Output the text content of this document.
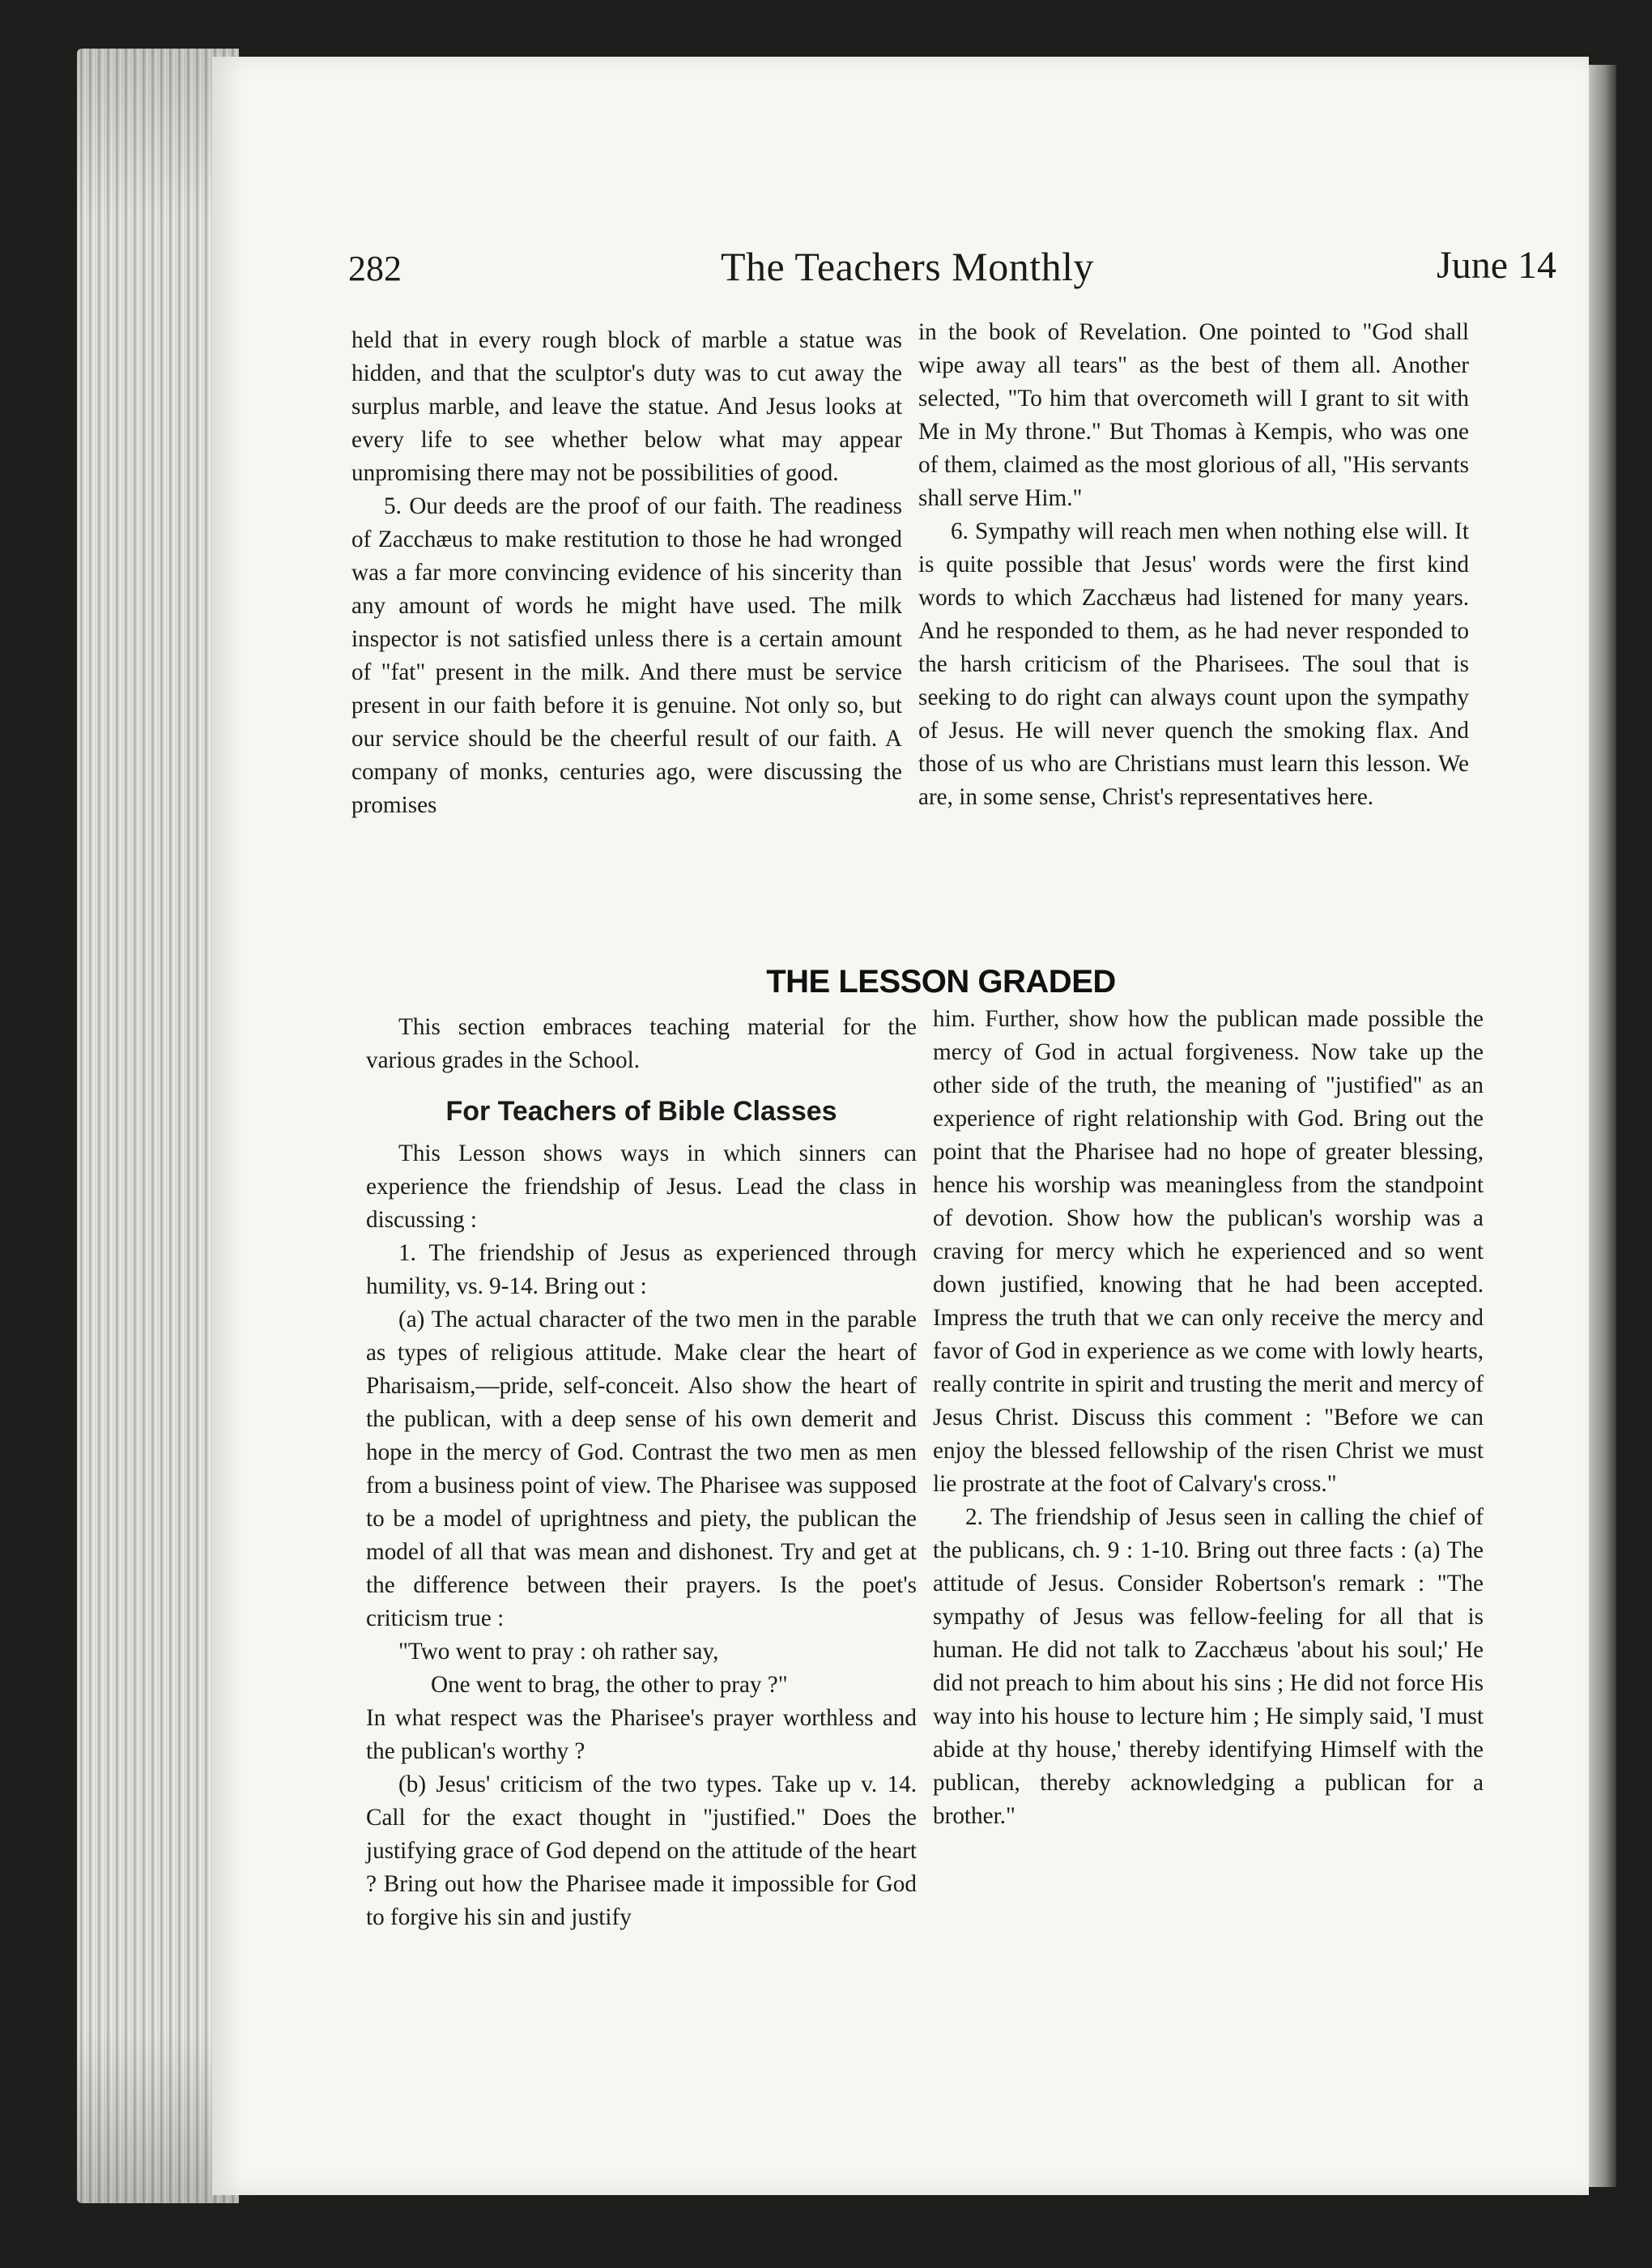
282	The Teachers Monthly	June 14

held that in every rough block of marble a statue was hidden, and that the sculptor's duty was to cut away the surplus marble, and leave the statue. And Jesus looks at every life to see whether below what may appear unpromising there may not be possibilities of good.

5. Our deeds are the proof of our faith. The readiness of Zacchæus to make restitution to those he had wronged was a far more convincing evidence of his sincerity than any amount of words he might have used. The milk inspector is not satisfied unless there is a certain amount of "fat" present in the milk. And there must be service present in our faith before it is genuine. Not only so, but our service should be the cheerful result of our faith. A company of monks, centuries ago, were discussing the promises

in the book of Revelation. One pointed to "God shall wipe away all tears" as the best of them all. Another selected, "To him that overcometh will I grant to sit with Me in My throne." But Thomas à Kempis, who was one of them, claimed as the most glorious of all, "His servants shall serve Him."

6. Sympathy will reach men when nothing else will. It is quite possible that Jesus' words were the first kind words to which Zacchæus had listened for many years. And he responded to them, as he had never responded to the harsh criticism of the Pharisees. The soul that is seeking to do right can always count upon the sympathy of Jesus. He will never quench the smoking flax. And those of us who are Christians must learn this lesson. We are, in some sense, Christ's representatives here.

THE LESSON GRADED

This section embraces teaching material for the various grades in the School.

For Teachers of Bible Classes

This Lesson shows ways in which sinners can experience the friendship of Jesus. Lead the class in discussing :

1. The friendship of Jesus as experienced through humility, vs. 9-14. Bring out :

(a) The actual character of the two men in the parable as types of religious attitude. Make clear the heart of Pharisaism,—pride, self-conceit. Also show the heart of the publican, with a deep sense of his own demerit and hope in the mercy of God. Contrast the two men as men from a business point of view. The Pharisee was supposed to be a model of uprightness and piety, the publican the model of all that was mean and dishonest. Try and get at the difference between their prayers. Is the poet's criticism true :

"Two went to pray : oh rather say,

One went to brag, the other to pray ?"

In what respect was the Pharisee's prayer worthless and the publican's worthy ?

(b) Jesus' criticism of the two types. Take up v. 14. Call for the exact thought in "justified." Does the justifying grace of God depend on the attitude of the heart ? Bring out how the Pharisee made it impossible for God to forgive his sin and justify

him. Further, show how the publican made possible the mercy of God in actual forgiveness. Now take up the other side of the truth, the meaning of "justified" as an experience of right relationship with God. Bring out the point that the Pharisee had no hope of greater blessing, hence his worship was meaningless from the standpoint of devotion. Show how the publican's worship was a craving for mercy which he experienced and so went down justified, knowing that he had been accepted. Impress the truth that we can only receive the mercy and favor of God in experience as we come with lowly hearts, really contrite in spirit and trusting the merit and mercy of Jesus Christ. Discuss this comment : "Before we can enjoy the blessed fellowship of the risen Christ we must lie prostrate at the foot of Calvary's cross."

2. The friendship of Jesus seen in calling the chief of the publicans, ch. 9 : 1-10. Bring out three facts : (a) The attitude of Jesus. Consider Robertson's remark : "The sympathy of Jesus was fellow-feeling for all that is human. He did not talk to Zacchæus 'about his soul;' He did not preach to him about his sins ; He did not force His way into his house to lecture him ; He simply said, 'I must abide at thy house,' thereby identifying Himself with the publican, thereby acknowledging a publican for a brother."
